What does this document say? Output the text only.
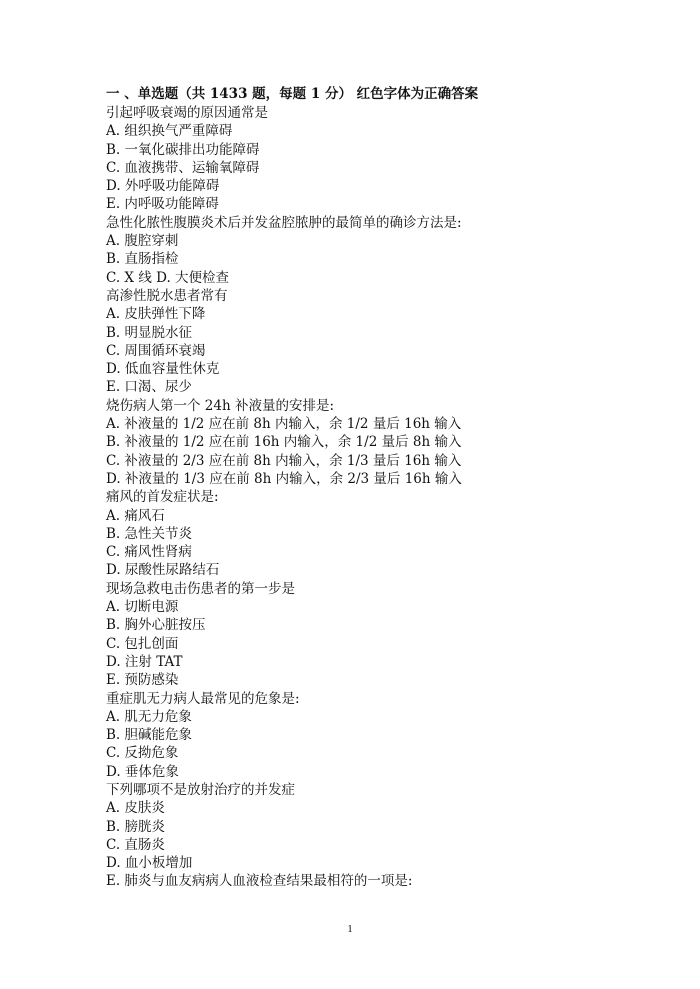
一 、单选题（共 1433 题，每题 1 分） 红色字体为正确答案
引起呼吸衰竭的原因通常是
A. 组织换气严重障碍
B. 一氧化碳排出功能障碍
C. 血液携带、运输氧障碍
D. 外呼吸功能障碍
E. 内呼吸功能障碍
急性化脓性腹膜炎术后并发盆腔脓肿的最简单的确诊方法是:
A. 腹腔穿刺
B. 直肠指检
C. X 线 D. 大便检查
高渗性脱水患者常有
A. 皮肤弹性下降
B. 明显脱水征
C. 周围循环衰竭
D. 低血容量性休克
E. 口渴、尿少
烧伤病人第一个 24h 补液量的安排是:
A. 补液量的 1/2 应在前 8h 内输入，余 1/2 量后 16h 输入
B. 补液量的 1/2 应在前 16h 内输入，余 1/2 量后 8h 输入
C. 补液量的 2/3 应在前 8h 内输入，余 1/3 量后 16h 输入
D. 补液量的 1/3 应在前 8h 内输入，余 2/3 量后 16h 输入
痛风的首发症状是:
A. 痛风石
B. 急性关节炎
C. 痛风性肾病
D. 尿酸性尿路结石
现场急救电击伤患者的第一步是
A. 切断电源
B. 胸外心脏按压
C. 包扎创面
D. 注射 TAT
E. 预防感染
重症肌无力病人最常见的危象是:
A. 肌无力危象
B. 胆碱能危象
C. 反拗危象
D. 垂体危象
下列哪项不是放射治疗的并发症
A. 皮肤炎
B. 膀胱炎
C. 直肠炎
D. 血小板增加
E. 肺炎与血友病病人血液检查结果最相符的一项是:
1
